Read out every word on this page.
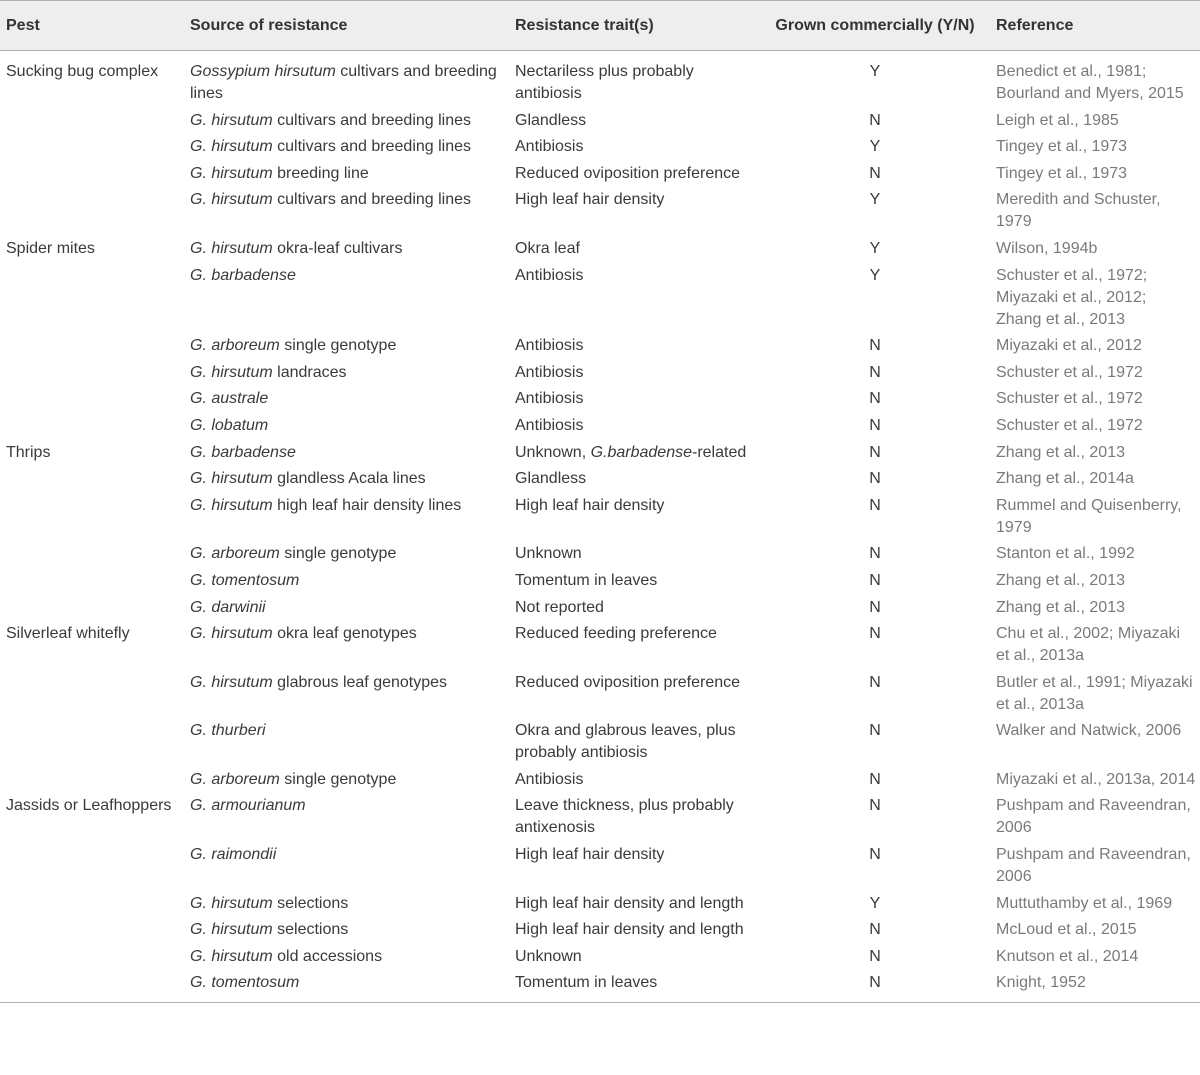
Pest	Source of resistance	Resistance trait(s)	Grown commercially (Y/N)	Reference
Sucking bug complex	Gossypium hirsutum cultivars and breeding lines	Nectariless plus probably antibiosis	Y	Benedict et al., 1981; Bourland and Myers, 2015
	G. hirsutum cultivars and breeding lines	Glandless	N	Leigh et al., 1985
	G. hirsutum cultivars and breeding lines	Antibiosis	Y	Tingey et al., 1973
	G. hirsutum breeding line	Reduced oviposition preference	N	Tingey et al., 1973
	G. hirsutum cultivars and breeding lines	High leaf hair density	Y	Meredith and Schuster, 1979
Spider mites	G. hirsutum okra-leaf cultivars	Okra leaf	Y	Wilson, 1994b
	G. barbadense	Antibiosis	Y	Schuster et al., 1972; Miyazaki et al., 2012; Zhang et al., 2013
	G. arboreum single genotype	Antibiosis	N	Miyazaki et al., 2012
	G. hirsutum landraces	Antibiosis	N	Schuster et al., 1972
	G. australe	Antibiosis	N	Schuster et al., 1972
	G. lobatum	Antibiosis	N	Schuster et al., 1972
Thrips	G. barbadense	Unknown, G.barbadense-related	N	Zhang et al., 2013
	G. hirsutum glandless Acala lines	Glandless	N	Zhang et al., 2014a
	G. hirsutum high leaf hair density lines	High leaf hair density	N	Rummel and Quisenberry, 1979
	G. arboreum single genotype	Unknown	N	Stanton et al., 1992
	G. tomentosum	Tomentum in leaves	N	Zhang et al., 2013
	G. darwinii	Not reported	N	Zhang et al., 2013
Silverleaf whitefly	G. hirsutum okra leaf genotypes	Reduced feeding preference	N	Chu et al., 2002; Miyazaki et al., 2013a
	G. hirsutum glabrous leaf genotypes	Reduced oviposition preference	N	Butler et al., 1991; Miyazaki et al., 2013a
	G. thurberi	Okra and glabrous leaves, plus probably antibiosis	N	Walker and Natwick, 2006
	G. arboreum single genotype	Antibiosis	N	Miyazaki et al., 2013a, 2014
Jassids or Leafhoppers	G. armourianum	Leave thickness, plus probably antixenosis	N	Pushpam and Raveendran, 2006
	G. raimondii	High leaf hair density	N	Pushpam and Raveendran, 2006
	G. hirsutum selections	High leaf hair density and length	Y	Muttuthamby et al., 1969
	G. hirsutum selections	High leaf hair density and length	N	McLoud et al., 2015
	G. hirsutum old accessions	Unknown	N	Knutson et al., 2014
	G. tomentosum	Tomentum in leaves	N	Knight, 1952
